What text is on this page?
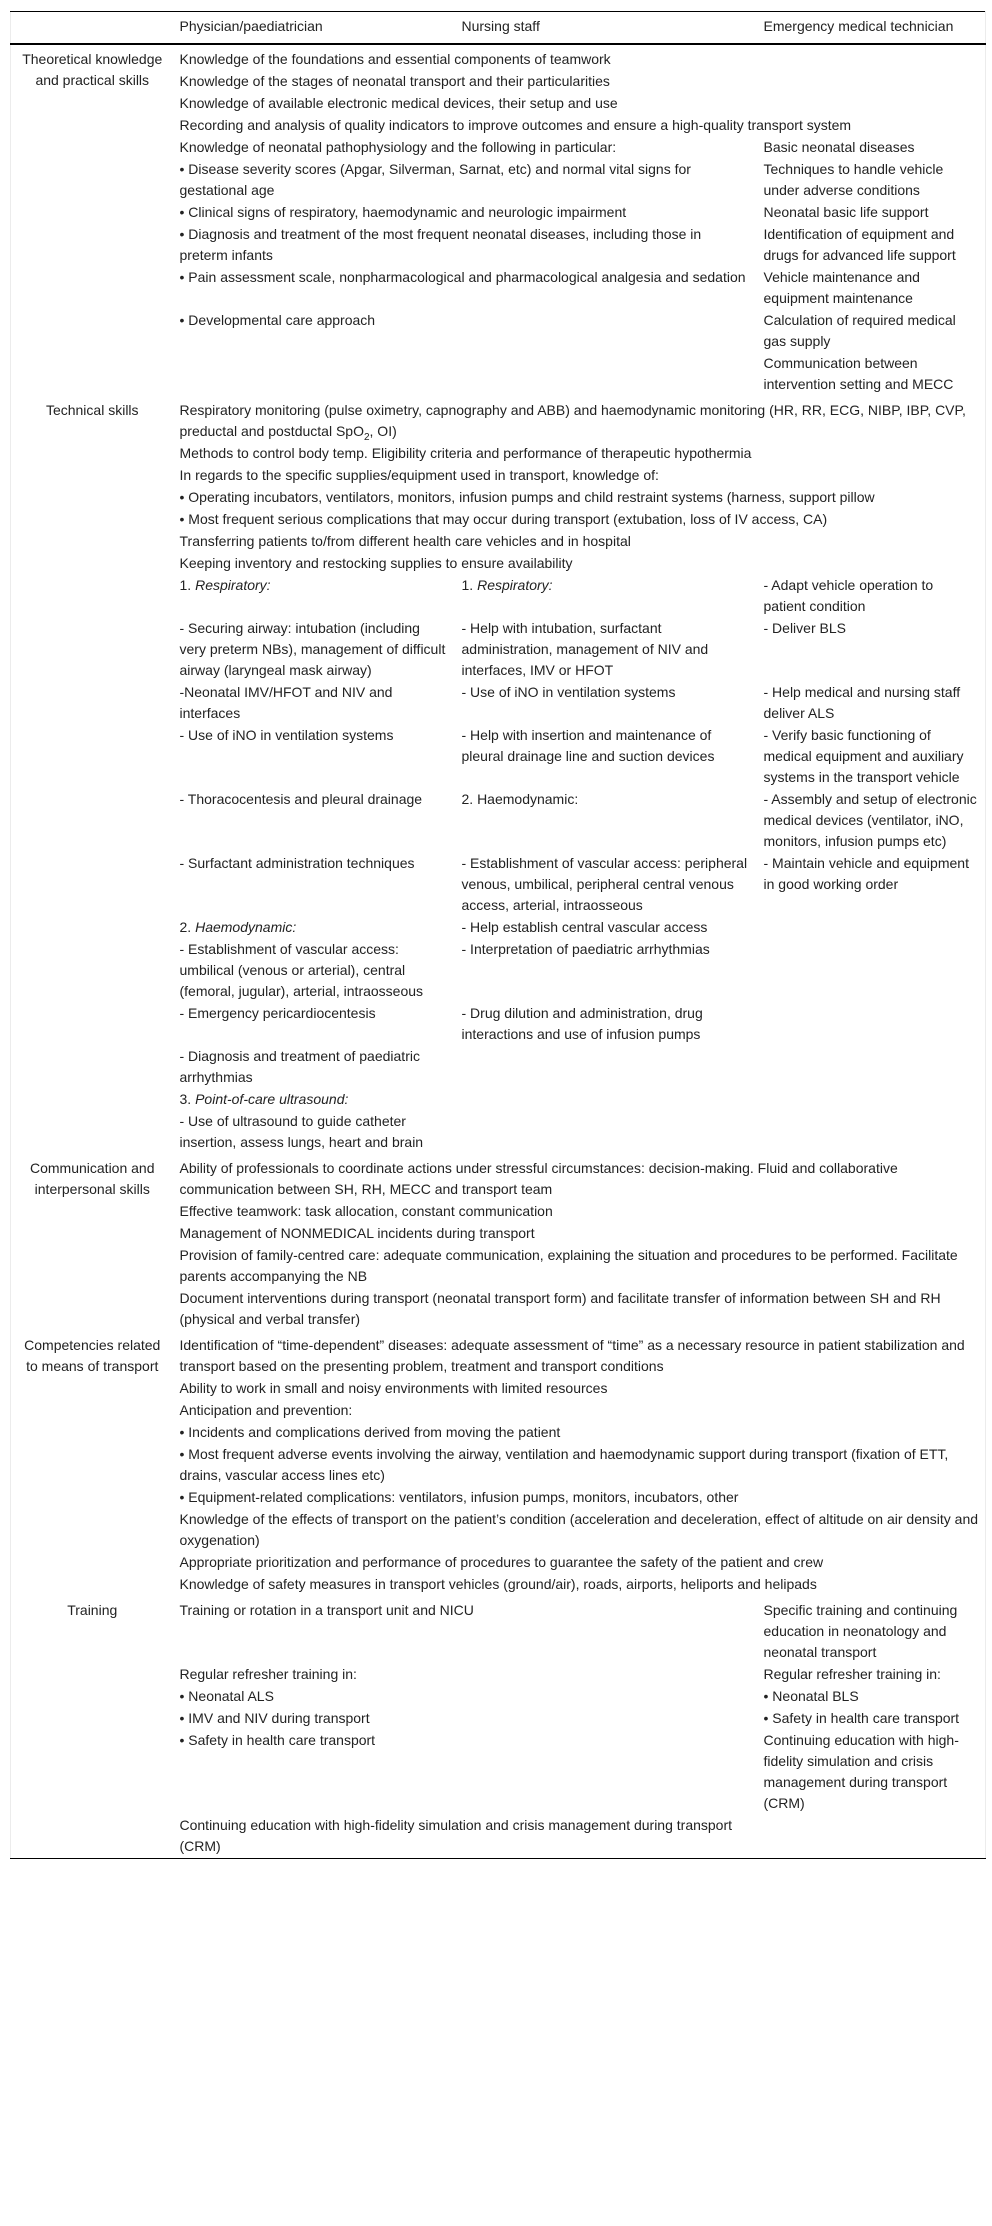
	Physician/paediatrician	Nursing staff	Emergency medical technician
Theoretical knowledge and practical skills	Knowledge of the foundations and essential components of teamwork		
	Knowledge of the stages of neonatal transport and their particularities		
	Knowledge of available electronic medical devices, their setup and use		
	Recording and analysis of quality indicators to improve outcomes and ensure a high-quality transport system		
	Knowledge of neonatal pathophysiology and the following in particular:		Basic neonatal diseases
	• Disease severity scores (Apgar, Silverman, Sarnat, etc) and normal vital signs for gestational age		Techniques to handle vehicle under adverse conditions
	• Clinical signs of respiratory, haemodynamic and neurologic impairment		Neonatal basic life support
	• Diagnosis and treatment of the most frequent neonatal diseases, including those in preterm infants		Identification of equipment and drugs for advanced life support
	• Pain assessment scale, nonpharmacological and pharmacological analgesia and sedation		Vehicle maintenance and equipment maintenance
	• Developmental care approach		Calculation of required medical gas supply
			Communication between intervention setting and MECC
Technical skills	Respiratory monitoring (pulse oximetry, capnography and ABB) and haemodynamic monitoring (HR, RR, ECG, NIBP, IBP, CVP, preductal and postductal SpO$_2$, OI)		
	Methods to control body temp. Eligibility criteria and performance of therapeutic hypothermia		
	In regards to the specific supplies/equipment used in transport, knowledge of:		
	• Operating incubators, ventilators, monitors, infusion pumps and child restraint systems (harness, support pillow		
	• Most frequent serious complications that may occur during transport (extubation, loss of IV access, CA)		
	Transferring patients to/from different health care vehicles and in hospital		
	Keeping inventory and restocking supplies to ensure availability		
	1. Respiratory:	1. Respiratory:	- Adapt vehicle operation to patient condition
	- Securing airway: intubation (including very preterm NBs), management of difficult airway (laryngeal mask airway)	- Help with intubation, surfactant administration, management of NIV and interfaces, IMV or HFOT	- Deliver BLS
	-Neonatal IMV/HFOT and NIV and interfaces	- Use of iNO in ventilation systems	- Help medical and nursing staff deliver ALS
	- Use of iNO in ventilation systems	- Help with insertion and maintenance of pleural drainage line and suction devices	- Verify basic functioning of medical equipment and auxiliary systems in the transport vehicle
	- Thoracocentesis and pleural drainage	2. Haemodynamic:	- Assembly and setup of electronic medical devices (ventilator, iNO, monitors, infusion pumps etc)
	- Surfactant administration techniques	- Establishment of vascular access: peripheral venous, umbilical, peripheral central venous access, arterial, intraosseous	- Maintain vehicle and equipment in good working order
	2. Haemodynamic:	- Help establish central vascular access	
	- Establishment of vascular access: umbilical (venous or arterial), central (femoral, jugular), arterial, intraosseous	- Interpretation of paediatric arrhythmias	
	- Emergency pericardiocentesis	- Drug dilution and administration, drug interactions and use of infusion pumps	
	- Diagnosis and treatment of paediatric arrhythmias		
	3. Point-of-care ultrasound:		
	- Use of ultrasound to guide catheter insertion, assess lungs, heart and brain		
Communication and interpersonal skills	Ability of professionals to coordinate actions under stressful circumstances: decision-making. Fluid and collaborative communication between SH, RH, MECC and transport team		
	Effective teamwork: task allocation, constant communication		
	Management of NONMEDICAL incidents during transport		
	Provision of family-centred care: adequate communication, explaining the situation and procedures to be performed. Facilitate parents accompanying the NB		
	Document interventions during transport (neonatal transport form) and facilitate transfer of information between SH and RH (physical and verbal transfer)		
Competencies related to means of transport	Identification of “time-dependent” diseases: adequate assessment of “time” as a necessary resource in patient stabilization and transport based on the presenting problem, treatment and transport conditions		
	Ability to work in small and noisy environments with limited resources		
	Anticipation and prevention:		
	• Incidents and complications derived from moving the patient		
	• Most frequent adverse events involving the airway, ventilation and haemodynamic support during transport (fixation of ETT, drains, vascular access lines etc)		
	• Equipment-related complications: ventilators, infusion pumps, monitors, incubators, other		
	Knowledge of the effects of transport on the patient’s condition (acceleration and deceleration, effect of altitude on air density and oxygenation)		
	Appropriate prioritization and performance of procedures to guarantee the safety of the patient and crew		
	Knowledge of safety measures in transport vehicles (ground/air), roads, airports, heliports and helipads		
Training	Training or rotation in a transport unit and NICU		Specific training and continuing education in neonatology and neonatal transport
	Regular refresher training in:		Regular refresher training in:
	• Neonatal ALS		• Neonatal BLS
	• IMV and NIV during transport		• Safety in health care transport
	• Safety in health care transport		Continuing education with high-fidelity simulation and crisis management during transport (CRM)
	Continuing education with high-fidelity simulation and crisis management during transport (CRM)		
